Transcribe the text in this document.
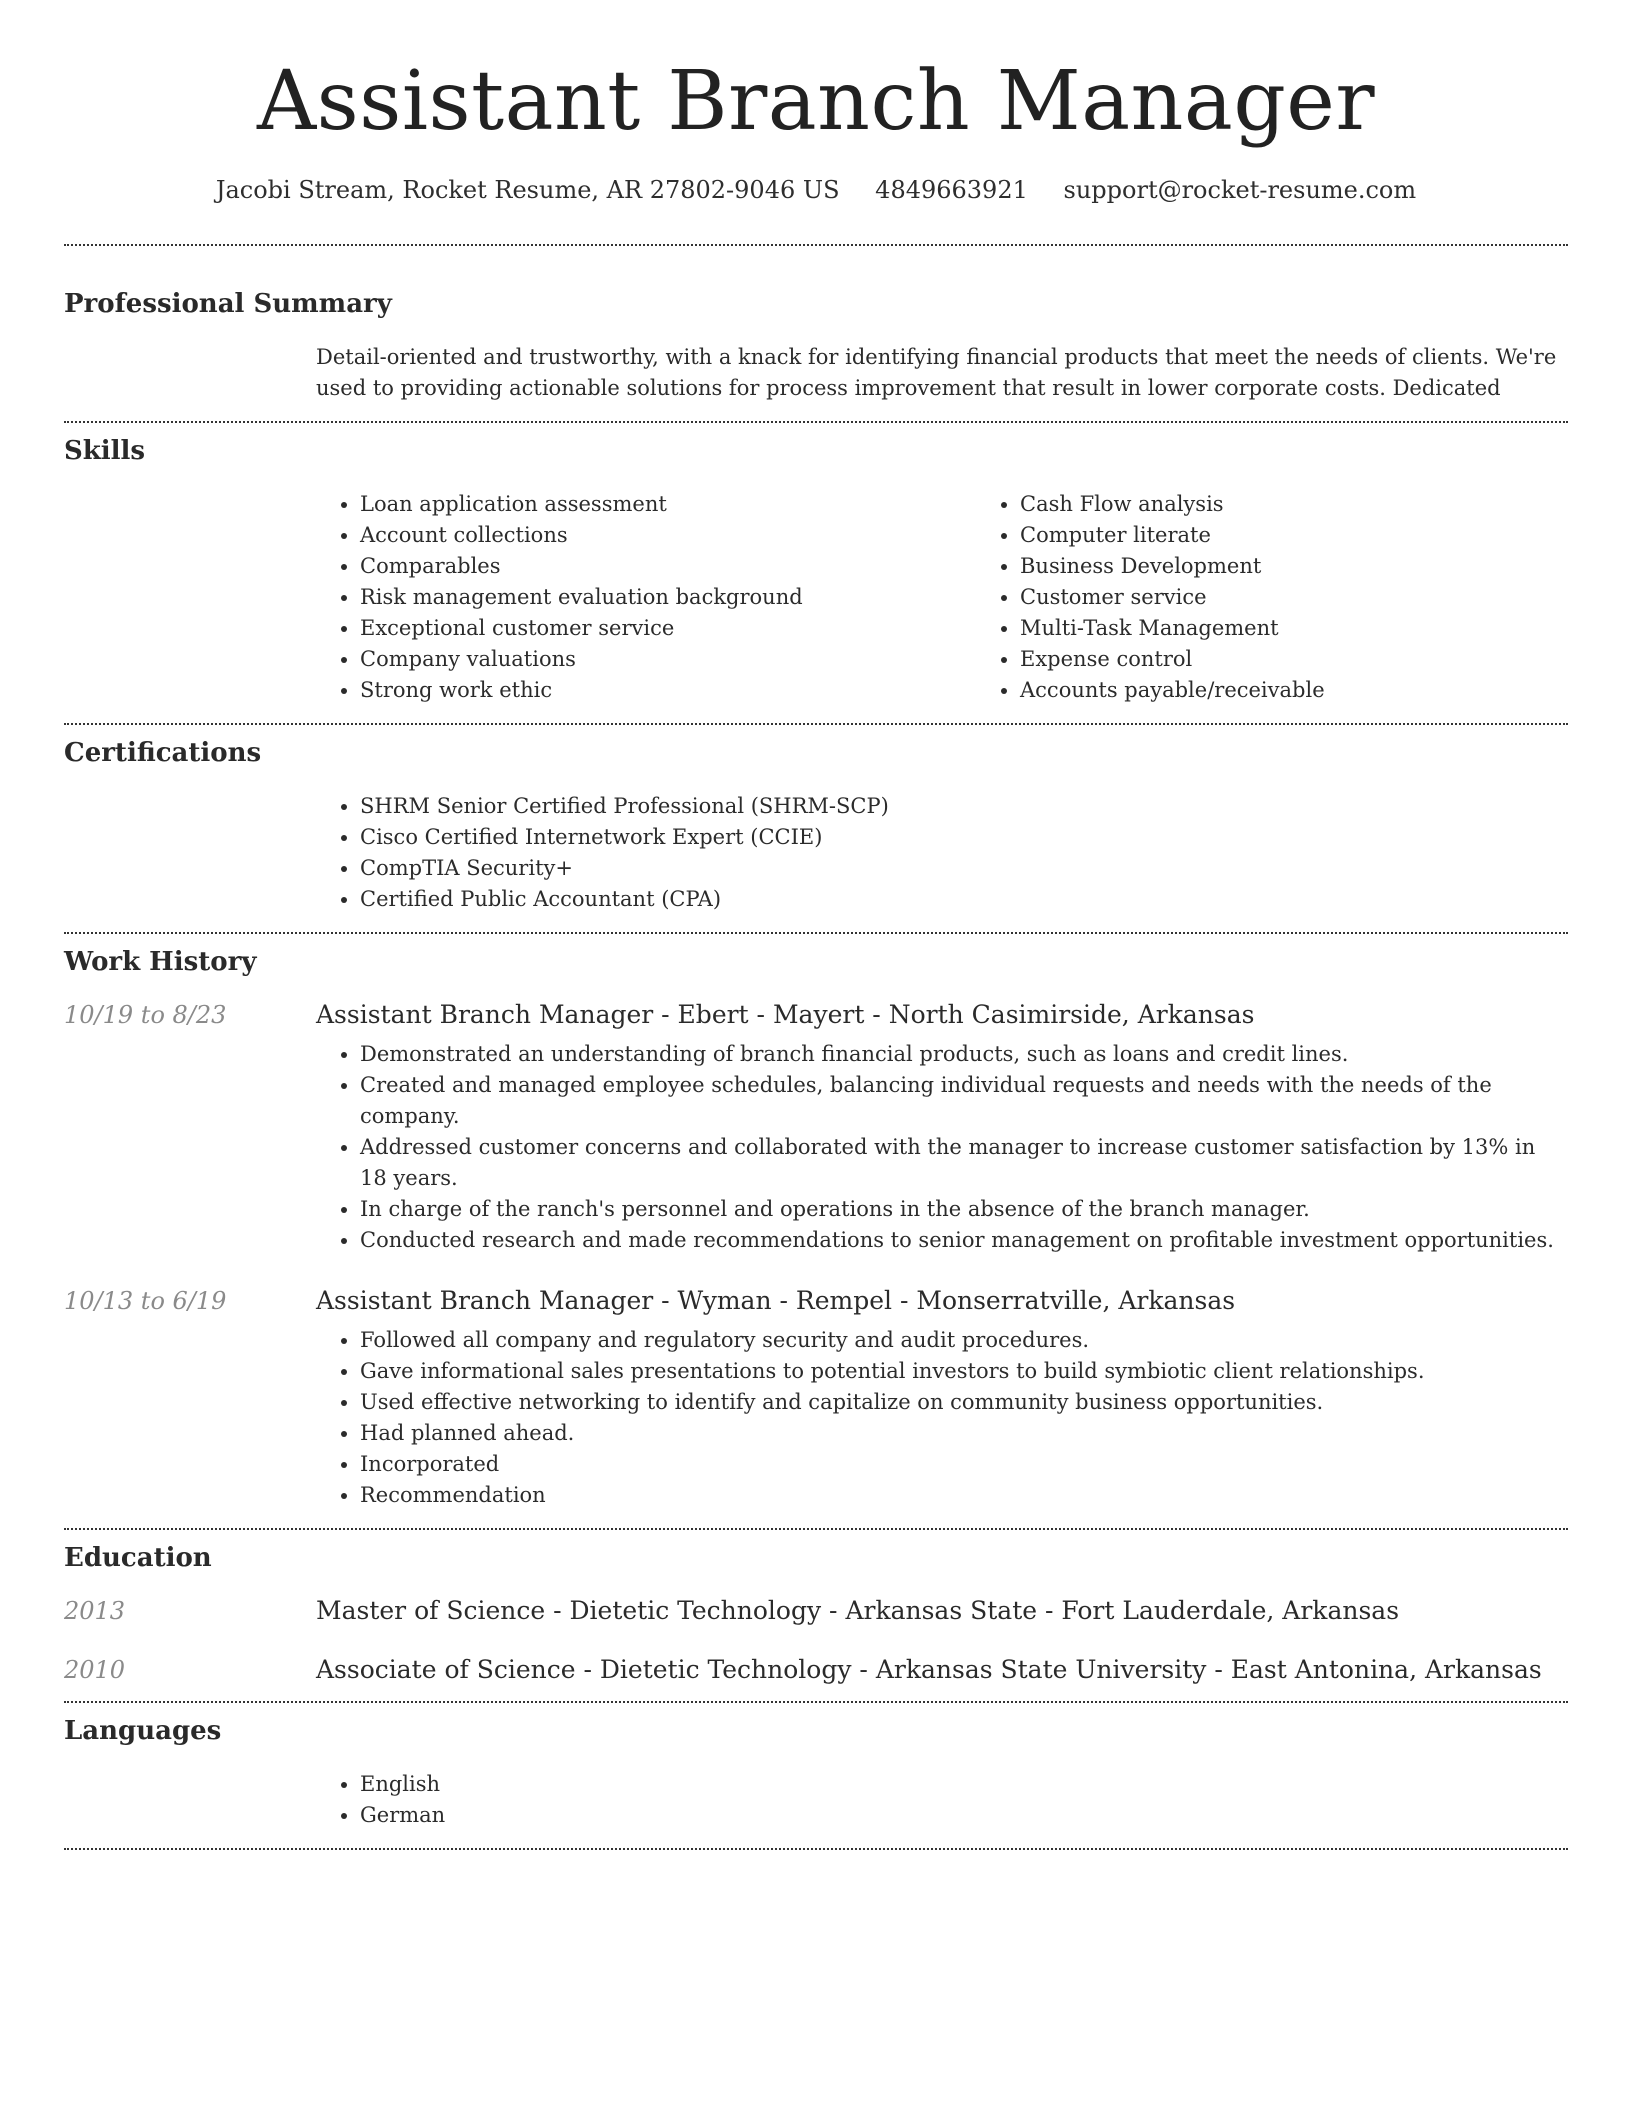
Assistant Branch Manager
Jacobi Stream, Rocket Resume, AR 27802-9046 US 4849663921 support@rocket-resume.com
Professional Summary
Detail-oriented and trustworthy, with a knack for identifying financial products that meet the needs of clients. We're used to providing actionable solutions for process improvement that result in lower corporate costs. Dedicated
Skills
• Loan application assessment
• Account collections
• Comparables
• Risk management evaluation background
• Exceptional customer service
• Company valuations
• Strong work ethic
• Cash Flow analysis
• Computer literate
• Business Development
• Customer service
• Multi-Task Management
• Expense control
• Accounts payable/receivable
Certifications
• SHRM Senior Certified Professional (SHRM-SCP)
• Cisco Certified Internetwork Expert (CCIE)
• CompTIA Security+
• Certified Public Accountant (CPA)
Work History
10/19 to 8/23	Assistant Branch Manager - Ebert - Mayert - North Casimirside, Arkansas
• Demonstrated an understanding of branch financial products, such as loans and credit lines.
• Created and managed employee schedules, balancing individual requests and needs with the needs of the company.
• Addressed customer concerns and collaborated with the manager to increase customer satisfaction by 13% in 18 years.
• In charge of the ranch's personnel and operations in the absence of the branch manager.
• Conducted research and made recommendations to senior management on profitable investment opportunities.
10/13 to 6/19	Assistant Branch Manager - Wyman - Rempel - Monserratville, Arkansas
• Followed all company and regulatory security and audit procedures.
• Gave informational sales presentations to potential investors to build symbiotic client relationships.
• Used effective networking to identify and capitalize on community business opportunities.
• Had planned ahead.
• Incorporated
• Recommendation
Education
2013	Master of Science - Dietetic Technology - Arkansas State - Fort Lauderdale, Arkansas
2010	Associate of Science - Dietetic Technology - Arkansas State University - East Antonina, Arkansas
Languages
• English
• German
